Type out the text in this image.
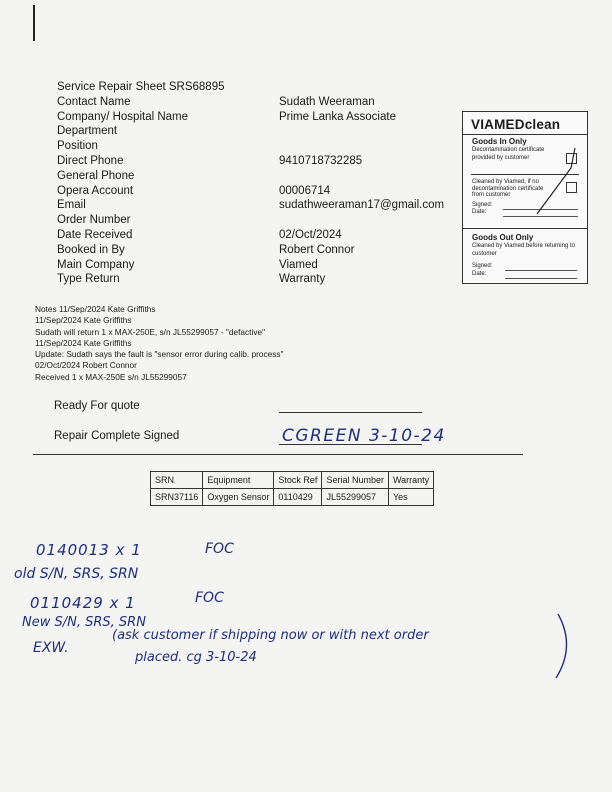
Service Repair Sheet SRS68895
Contact Name	Sudath Weeraman
Company/ Hospital Name	Prime Lanka Associate
Department
Position
Direct Phone	9410718732285
General Phone
Opera Account	00006714
Email	sudathweeraman17@gmail.com
Order Number
Date Received	02/Oct/2024
Booked in By	Robert Connor
Main Company	Viamed
Type Return	Warranty
VIAMEDclean
Goods In Only
Decontamination certificate provided by customer
Cleaned by Viamed, if no decontamination certificate from customer
Signed:
Date:
Goods Out Only
Cleaned by Viamed before returning to customer
Signed:
Date:
Notes 11/Sep/2024 Kate Griffiths
11/Sep/2024 Kate Griffiths
Sudath will return 1 x MAX-250E, s/n JL55299057 - "defactive"
11/Sep/2024 Kate Griffiths
Update: Sudath says the fault is "sensor error during calib. process"
02/Oct/2024 Robert Connor
Received 1 x MAX-250E s/n JL55299057
Ready For quote
Repair Complete Signed	CGREEN 3-10-24
SRN	Equipment	Stock Ref	Serial Number	Warranty
SRN37116	Oxygen Sensor	0110429	JL55299057	Yes
0140013 x 1	FOC
old S/N, SRS, SRN
0110429 x 1	FOC
New S/N, SRS, SRN
EXW.
(ask customer if shipping now or with next order
placed. cg 3-10-24
